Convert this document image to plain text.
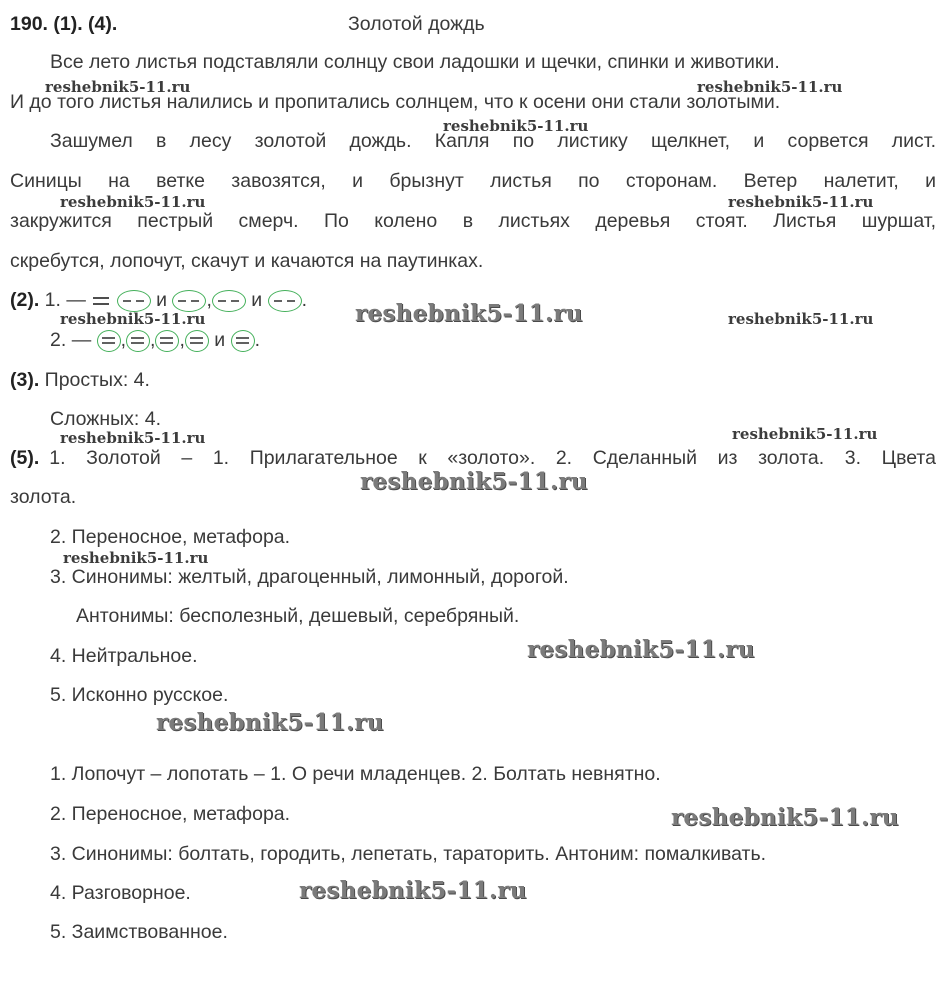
190. (1). (4).	Золотой дождь
Все лето листья подставляли солнцу свои ладошки и щечки, спинки и животики.
И до того листья налились и пропитались солнцем, что к осени они стали золотыми.
Зашумел в лесу золотой дождь. Капля по листику щелкнет, и сорвется лист.
Синицы на ветке завозятся, и брызнут листья по сторонам. Ветер налетит, и
закружится пестрый смерч. По колено в листьях деревья стоят. Листья шуршат,
скребутся, лопочут, скачут и качаются на паутинках.
(2). 1. —	и , и .
2. — , , , и .
(3). Простых: 4.
Сложных: 4.
(5). 1. Золотой – 1. Прилагательное к «золото». 2. Сделанный из золота. 3. Цвета
золота.
2. Переносное, метафора.
3. Синонимы: желтый, драгоценный, лимонный, дорогой.
Антонимы: бесполезный, дешевый, серебряный.
4. Нейтральное.
5. Исконно русское.
1. Лопочут – лопотать – 1. О речи младенцев. 2. Болтать невнятно.
2. Переносное, метафора.
3. Синонимы: болтать, городить, лепетать, тараторить. Антоним: помалкивать.
4. Разговорное.
5. Заимствованное.
reshebnik5-11.ru	reshebnik5-11.ru
reshebnik5-11.ru
reshebnik5-11.ru	reshebnik5-11.ru
reshebnik5-11.ru	reshebnik5-11.ru	reshebnik5-11.ru
reshebnik5-11.ru	reshebnik5-11.ru
reshebnik5-11.ru
reshebnik5-11.ru
reshebnik5-11.ru
reshebnik5-11.ru
reshebnik5-11.ru
reshebnik5-11.ru
